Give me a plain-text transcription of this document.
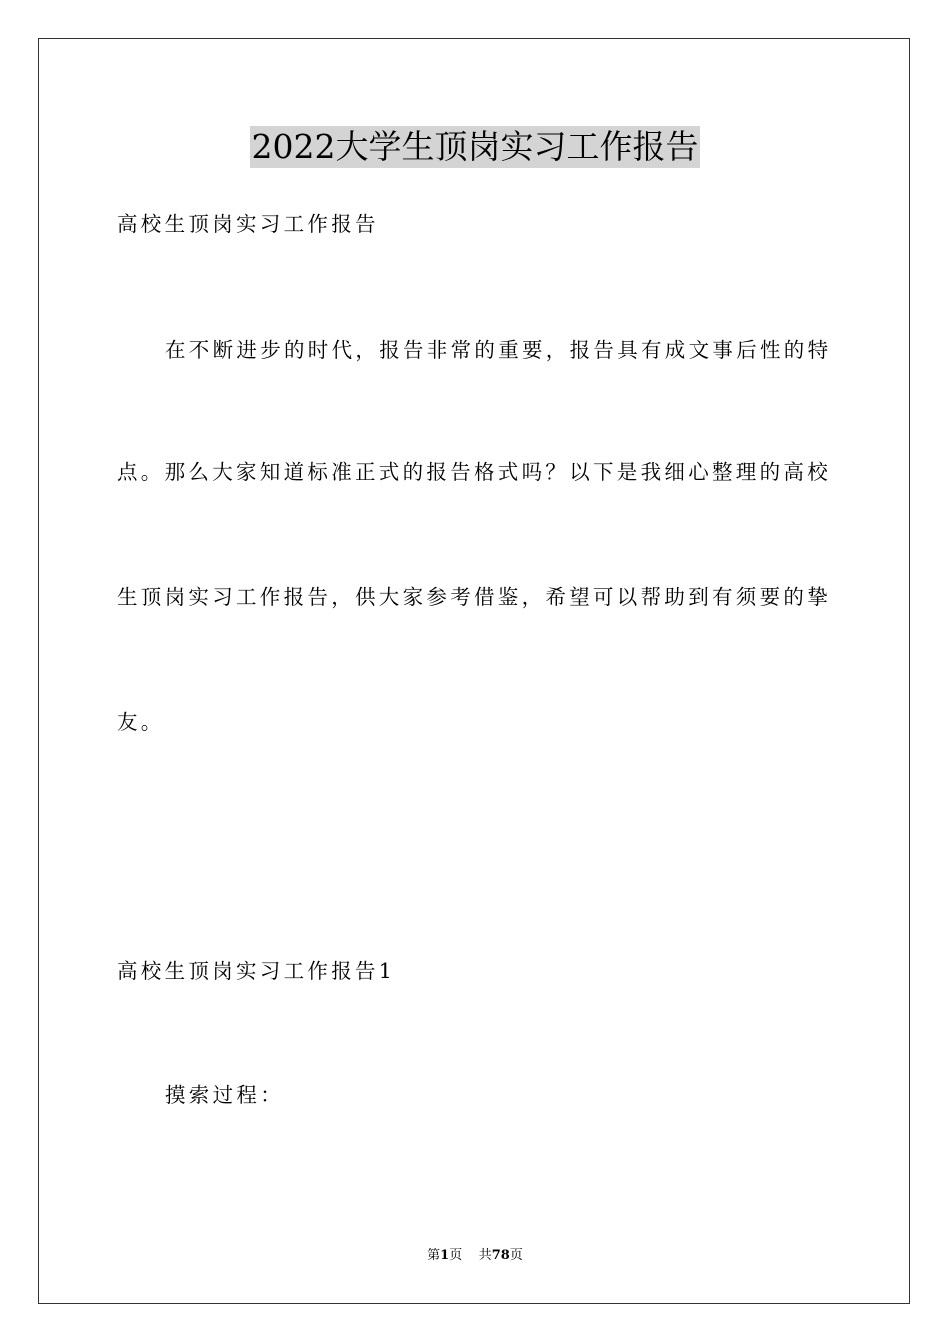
2022大学生顶岗实习工作报告
高校生顶岗实习工作报告
在不断进步的时代，报告非常的重要，报告具有成文事后性的特
点。那么大家知道标准正式的报告格式吗？以下是我细心整理的高校
生顶岗实习工作报告，供大家参考借鉴，希望可以帮助到有须要的挚
友。
高校生顶岗实习工作报告1
摸索过程：
第1页 共78页
